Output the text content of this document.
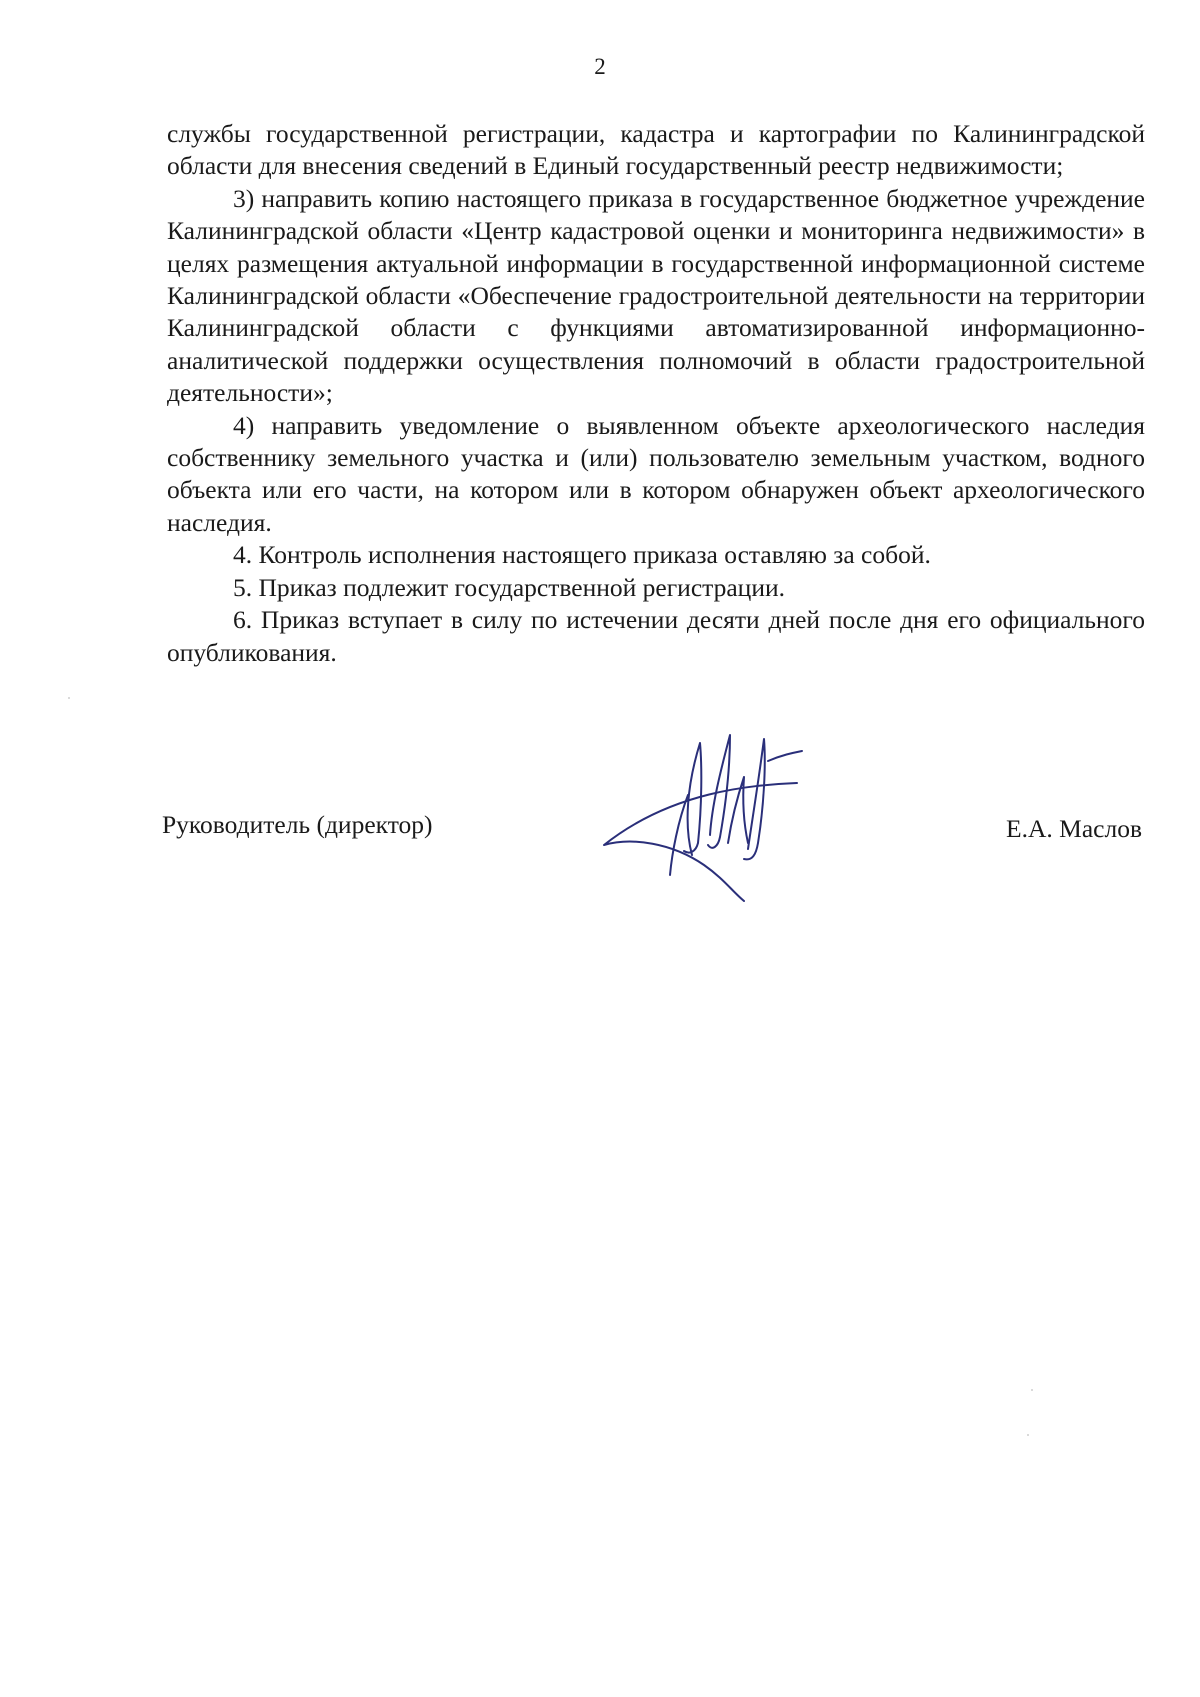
2

службы государственной регистрации, кадастра и картографии по Калининградской области для внесения сведений в Единый государственный реестр недвижимости;

3) направить копию настоящего приказа в государственное бюджетное учреждение Калининградской области «Центр кадастровой оценки и мониторинга недвижимости» в целях размещения актуальной информации в государственной информационной системе Калининградской области «Обеспечение градостроительной деятельности на территории Калининградской области с функциями автоматизированной информационно-аналитической поддержки осуществления полномочий в области градостроительной деятельности»;

4) направить уведомление о выявленном объекте археологического наследия собственнику земельного участка и (или) пользователю земельным участком, водного объекта или его части, на котором или в котором обнаружен объект археологического наследия.

4. Контроль исполнения настоящего приказа оставляю за собой.

5. Приказ подлежит государственной регистрации.

6. Приказ вступает в силу по истечении десяти дней после дня его официального опубликования.

Руководитель (директор)	Е.А. Маслов
